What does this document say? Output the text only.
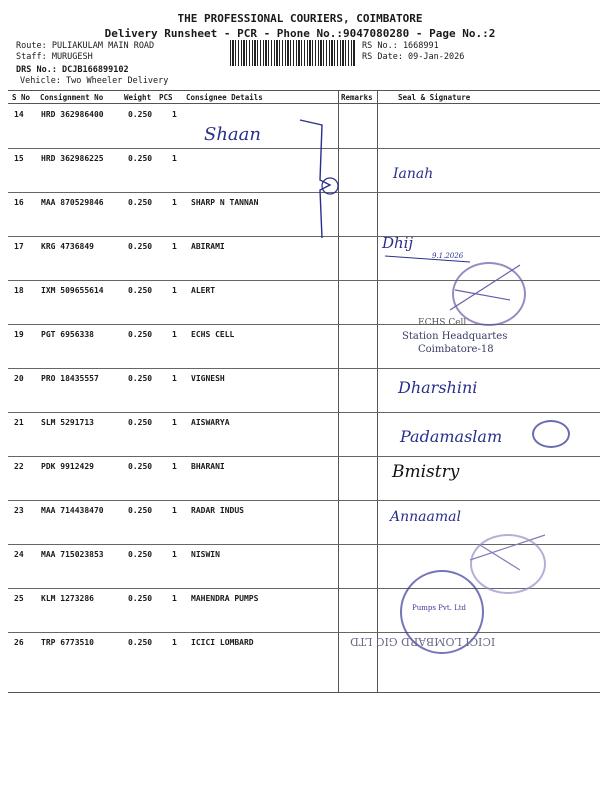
THE PROFESSIONAL COURIERS, COIMBATORE
Delivery Runsheet - PCR - Phone No.:9047080280 - Page No.:2
Route: PULIAKULAM MAIN ROAD
Staff: MURUGESH
DRS No.: DCJB166899102
Vehicle: Two Wheeler Delivery
RS No.: 1668991
RS Date: 09-Jan-2026
S No Consignment No	Weight PCS Consignee Details	Remarks	Seal & Signature
14 HRD 362986400	0.250 1
15 HRD 362986225	0.250 1
16 MAA 870529846	0.250 1 SHARP N TANNAN
17 KRG 4736849	0.250 1 ABIRAMI
18 IXM 509655614	0.250 1 ALERT
19 PGT 6956338	0.250 1 ECHS CELL
20 PRO 18435557	0.250 1 VIGNESH
21 SLM 5291713	0.250 1 AISWARYA
22 PDK 9912429	0.250 1 BHARANI
23 MAA 714438470	0.250 1 RADAR INDUS
24 MAA 715023853	0.250 1 NISWIN
25 KLM 1273286	0.250 1 MAHENDRA PUMPS
26 TRP 6773510	0.250 1 ICICI LOMBARD
Shaan
Ianah
Dhij
9.1.2026
ECHS Cell
Station Headquartes
Coimbatore-18
Dharshini
Padamaslam
Bmistry
Annaamal
Pumps Pvt. Ltd
ICICI LOMBARD GIC LTD
